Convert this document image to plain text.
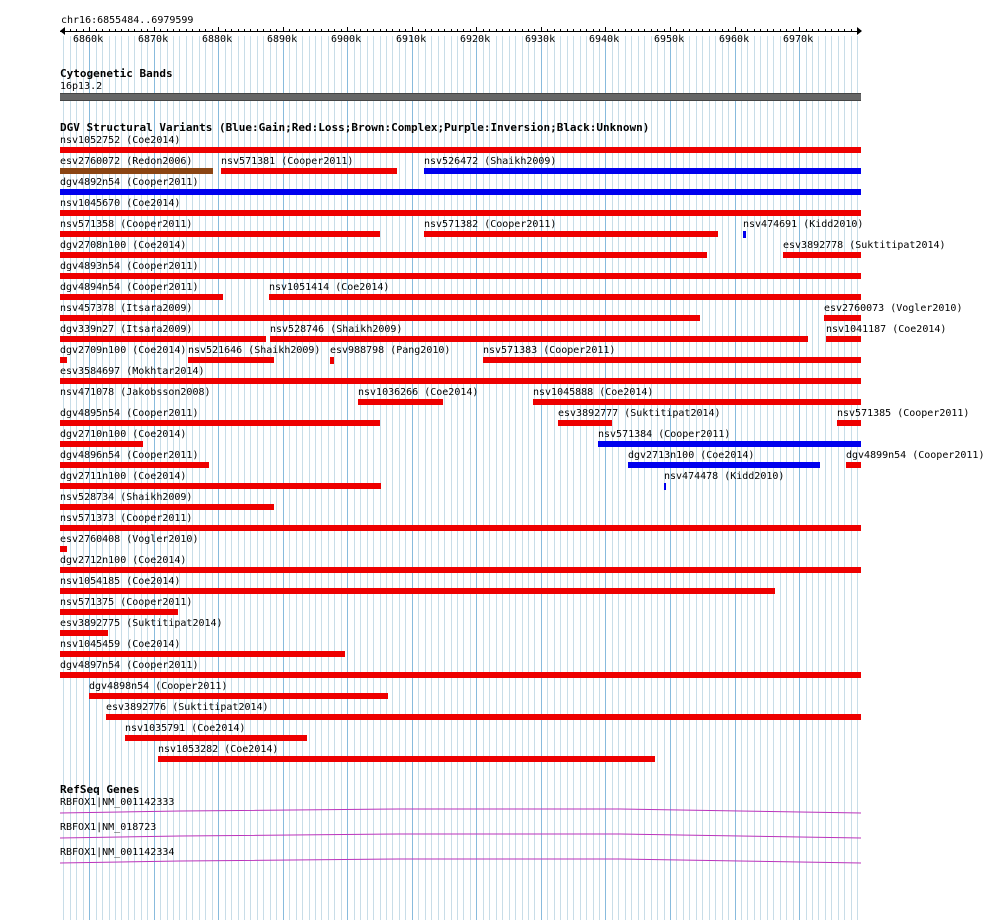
chr16:6855484..6979599
6860k	6870k	6880k	6890k	6900k	6910k	6920k	6930k	6940k	6950k	6960k	6970k
Cytogenetic Bands
16p13.2
DGV Structural Variants (Blue:Gain;Red:Loss;Brown:Complex;Purple:Inversion;Black:Unknown)
nsv1052752 (Coe2014)
esv2760072 (Redon2006)	nsv571381 (Cooper2011)	nsv526472 (Shaikh2009)
dgv4892n54 (Cooper2011)
nsv1045670 (Coe2014)
nsv571358 (Cooper2011)	nsv571382 (Cooper2011)	nsv474691 (Kidd2010)
dgv2708n100 (Coe2014)	esv3892778 (Suktitipat2014)
dgv4893n54 (Cooper2011)
dgv4894n54 (Cooper2011)	nsv1051414 (Coe2014)
nsv457378 (Itsara2009)	esv2760073 (Vogler2010)
dgv339n27 (Itsara2009)	nsv528746 (Shaikh2009)	nsv1041187 (Coe2014)
dgv2709n100 (Coe2014) nsv521646 (Shaikh2009) esv988798 (Pang2010)	nsv571383 (Cooper2011)
esv3584697 (Mokhtar2014)
nsv471078 (Jakobsson2008)	nsv1036266 (Coe2014)	nsv1045888 (Coe2014)
dgv4895n54 (Cooper2011)	esv3892777 (Suktitipat2014)	nsv571385 (Cooper2011)
dgv2710n100 (Coe2014)	nsv571384 (Cooper2011)
dgv4896n54 (Cooper2011)	dgv2713n100 (Coe2014)	dgv4899n54 (Cooper2011)
dgv2711n100 (Coe2014)	nsv474478 (Kidd2010)
nsv528734 (Shaikh2009)
nsv571373 (Cooper2011)
esv2760408 (Vogler2010)
dgv2712n100 (Coe2014)
nsv1054185 (Coe2014)
nsv571375 (Cooper2011)
esv3892775 (Suktitipat2014)
nsv1045459 (Coe2014)
dgv4897n54 (Cooper2011)
dgv4898n54 (Cooper2011)
esv3892776 (Suktitipat2014)
nsv1035791 (Coe2014)
nsv1053282 (Coe2014)
RefSeq Genes
RBFOX1|NM_001142333
RBFOX1|NM_018723
RBFOX1|NM_001142334
